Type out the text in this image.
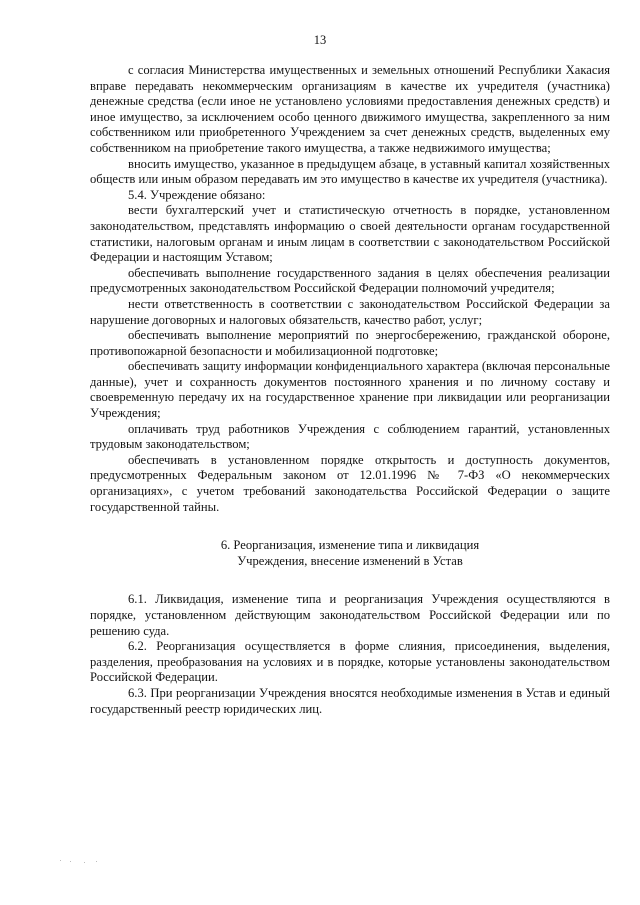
13

с согласия Министерства имущественных и земельных отношений Республики Хакасия вправе передавать некоммерческим организациям в качестве их учредителя (участника) денежные средства (если иное не установлено условиями предоставления денежных средств) и иное имущество, за исключением особо ценного движимого имущества, закрепленного за ним собственником или приобретенного Учреждением за счет денежных средств, выделенных ему собственником на приобретение такого имущества, а также недвижимого имущества;

вносить имущество, указанное в предыдущем абзаце, в уставный капитал хозяйственных обществ или иным образом передавать им это имущество в качестве их учредителя (участника).

5.4. Учреждение обязано:

вести бухгалтерский учет и статистическую отчетность в порядке, установленном законодательством, представлять информацию о своей деятельности органам государственной статистики, налоговым органам и иным лицам в соответствии с законодательством Российской Федерации и настоящим Уставом;

обеспечивать выполнение государственного задания в целях обеспечения реализации предусмотренных законодательством Российской Федерации полномочий учредителя;

нести ответственность в соответствии с законодательством Российской Федерации за нарушение договорных и налоговых обязательств, качество работ, услуг;

обеспечивать выполнение мероприятий по энергосбережению, гражданской обороне, противопожарной безопасности и мобилизационной подготовке;

обеспечивать защиту информации конфиденциального характера (включая персональные данные), учет и сохранность документов постоянного хранения и по личному составу и своевременную передачу их на государственное хранение при ликвидации или реорганизации Учреждения;

оплачивать труд работников Учреждения с соблюдением гарантий, установленных трудовым законодательством;

обеспечивать в установленном порядке открытость и доступность документов, предусмотренных Федеральным законом от 12.01.1996 № 7-ФЗ «О некоммерческих организациях», с учетом требований законодательства Российской Федерации о защите государственной тайны.

6. Реорганизация, изменение типа и ликвидация

Учреждения, внесение изменений в Устав

6.1. Ликвидация, изменение типа и реорганизация Учреждения осуществляются в порядке, установленном действующим законодательством Российской Федерации или по решению суда.

6.2. Реорганизация осуществляется в форме слияния, присоединения, выделения, разделения, преобразования на условиях и в порядке, которые установлены законодательством Российской Федерации.

6.3. При реорганизации Учреждения вносятся необходимые изменения в Устав и единый государственный реестр юридических лиц.
